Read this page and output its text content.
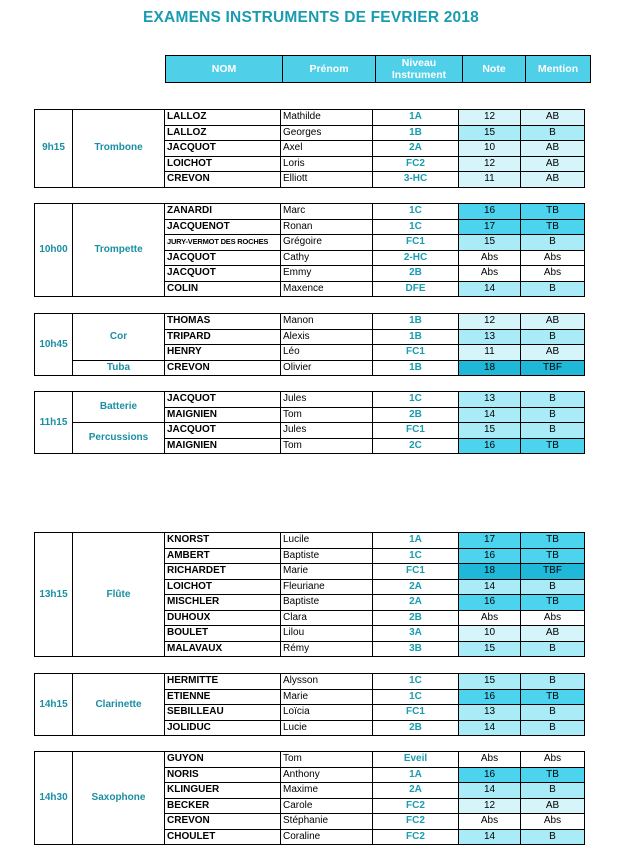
EXAMENS INSTRUMENTS DE FEVRIER 2018
NOM	Prénom	Niveau Instrument	Note	Mention
9h15	Trombone	LALLOZ	Mathilde	1A	12	AB
		LALLOZ	Georges	1B	15	B
		JACQUOT	Axel	2A	10	AB
		LOICHOT	Loris	FC2	12	AB
		CREVON	Elliott	3-HC	11	AB
10h00	Trompette	ZANARDI	Marc	1C	16	TB
		JACQUENOT	Ronan	1C	17	TB
		JURY-VERMOT DES ROCHES	Grégoire	FC1	15	B
		JACQUOT	Cathy	2-HC	Abs	Abs
		JACQUOT	Emmy	2B	Abs	Abs
		COLIN	Maxence	DFE	14	B
10h45	Cor	THOMAS	Manon	1B	12	AB
		TRIPARD	Alexis	1B	13	B
		HENRY	Léo	FC1	11	AB
	Tuba	CREVON	Olivier	1B	18	TBF
11h15	Batterie	JACQUOT	Jules	1C	13	B
		MAIGNIEN	Tom	2B	14	B
	Percussions	JACQUOT	Jules	FC1	15	B
		MAIGNIEN	Tom	2C	16	TB
13h15	Flûte	KNORST	Lucile	1A	17	TB
		AMBERT	Baptiste	1C	16	TB
		RICHARDET	Marie	FC1	18	TBF
		LOICHOT	Fleuriane	2A	14	B
		MISCHLER	Baptiste	2A	16	TB
		DUHOUX	Clara	2B	Abs	Abs
		BOULET	Lilou	3A	10	AB
		MALAVAUX	Rémy	3B	15	B
14h15	Clarinette	HERMITTE	Alysson	1C	15	B
		ETIENNE	Marie	1C	16	TB
		SEBILLEAU	Loïcia	FC1	13	B
		JOLIDUC	Lucie	2B	14	B
14h30	Saxophone	GUYON	Tom	Eveil	Abs	Abs
		NORIS	Anthony	1A	16	TB
		KLINGUER	Maxime	2A	14	B
		BECKER	Carole	FC2	12	AB
		CREVON	Stéphanie	FC2	Abs	Abs
		CHOULET	Coraline	FC2	14	B
